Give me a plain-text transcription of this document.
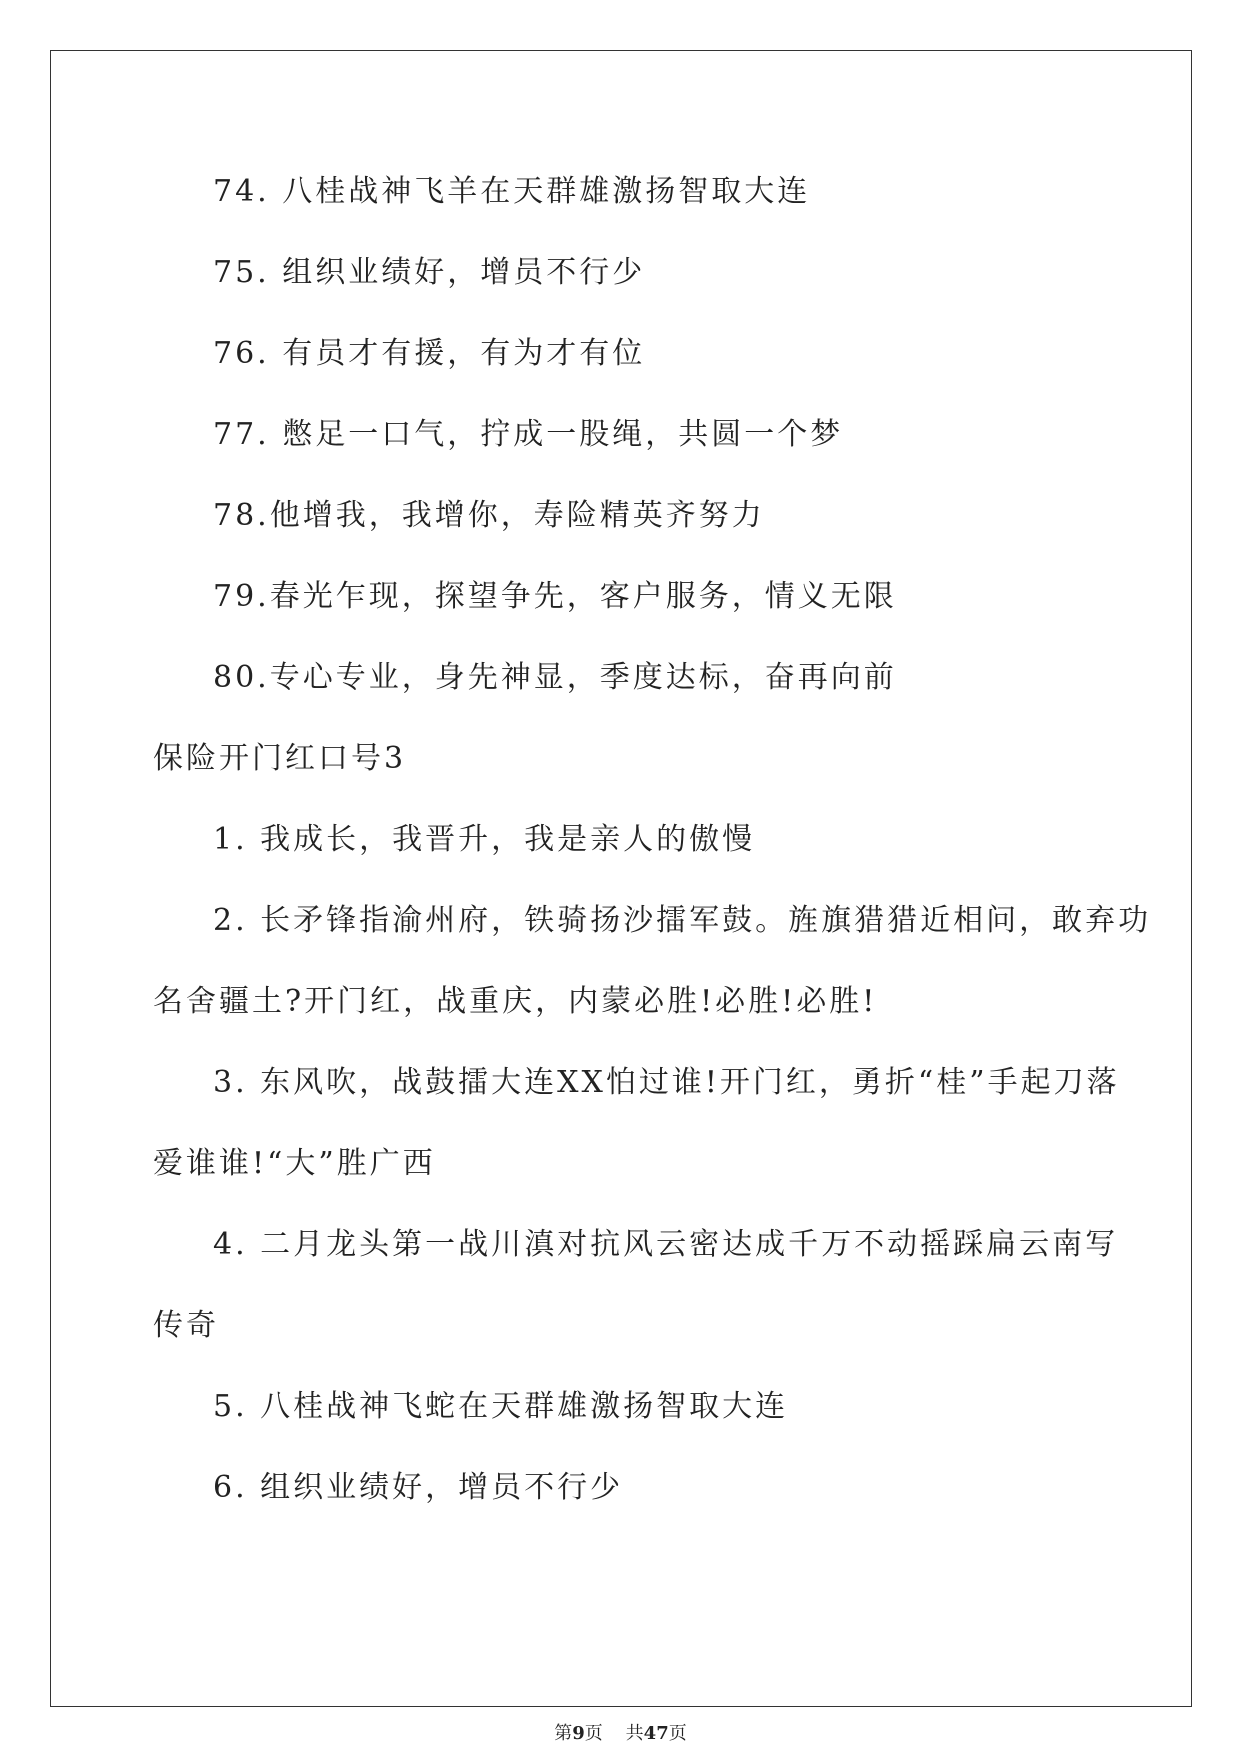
74. 八桂战神飞羊在天群雄激扬智取大连
75. 组织业绩好，增员不行少
76. 有员才有援，有为才有位
77. 憋足一口气，拧成一股绳，共圆一个梦
78.他增我，我增你，寿险精英齐努力
79.春光乍现，探望争先，客户服务，情义无限
80.专心专业，身先神显，季度达标，奋再向前
保险开门红口号3
1. 我成长，我晋升，我是亲人的傲慢
2. 长矛锋指渝州府，铁骑扬沙擂军鼓。旌旗猎猎近相问，敢弃功
名舍疆土?开门红，战重庆，内蒙必胜!必胜!必胜!
3. 东风吹，战鼓擂大连XX怕过谁!开门红，勇折“桂”手起刀落
爱谁谁!“大”胜广西
4. 二月龙头第一战川滇对抗风云密达成千万不动摇踩扁云南写
传奇
5. 八桂战神飞蛇在天群雄激扬智取大连
6. 组织业绩好，增员不行少
第9页    共47页
